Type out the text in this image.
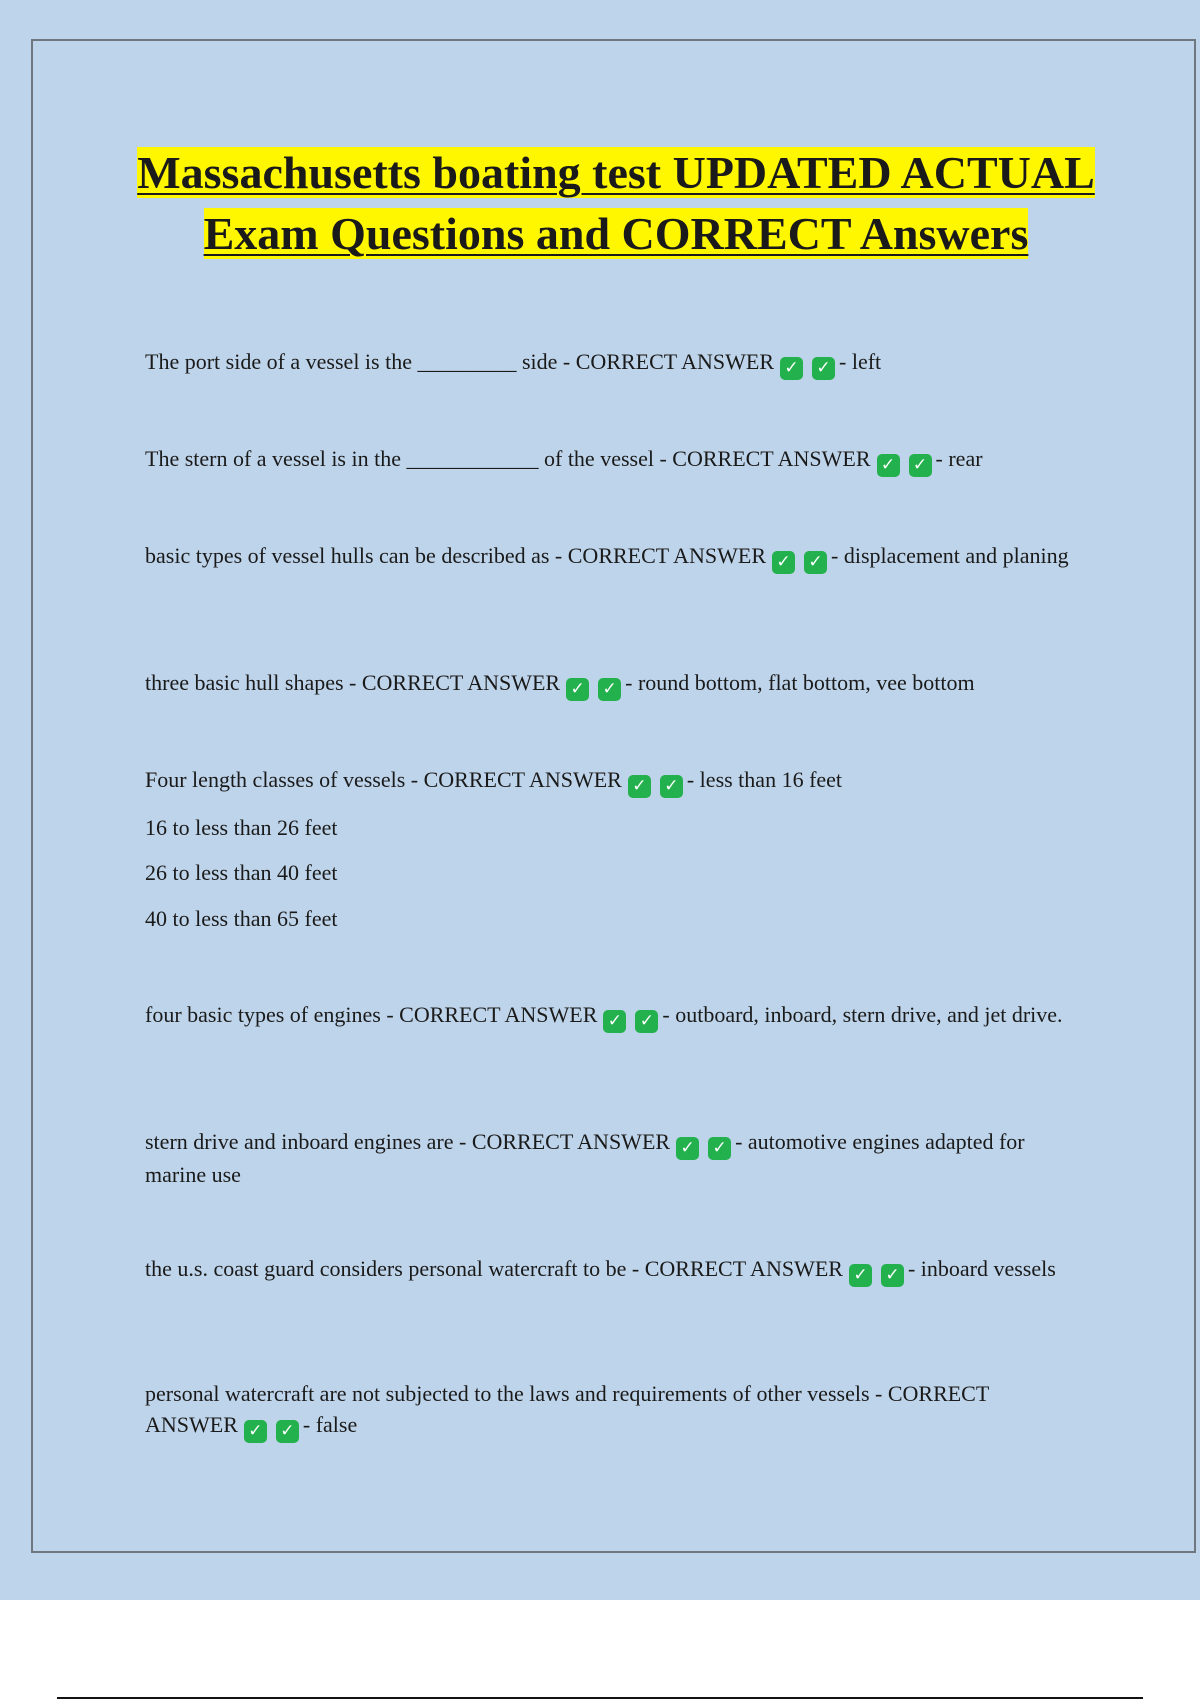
Massachusetts boating test UPDATED ACTUAL Exam Questions and CORRECT Answers

The port side of a vessel is the _________ side - CORRECT ANSWER ✓ ✓ - left

The stern of a vessel is in the ____________ of the vessel - CORRECT ANSWER ✓ ✓ - rear

basic types of vessel hulls can be described as - CORRECT ANSWER ✓ ✓ - displacement and planing

three basic hull shapes - CORRECT ANSWER ✓ ✓ - round bottom, flat bottom, vee bottom

Four length classes of vessels - CORRECT ANSWER ✓ ✓ - less than 16 feet

16 to less than 26 feet

26 to less than 40 feet

40 to less than 65 feet

four basic types of engines - CORRECT ANSWER ✓ ✓ - outboard, inboard, stern drive, and jet drive.

stern drive and inboard engines are - CORRECT ANSWER ✓ ✓ - automotive engines adapted for marine use

the u.s. coast guard considers personal watercraft to be - CORRECT ANSWER ✓ ✓ - inboard vessels

personal watercraft are not subjected to the laws and requirements of other vessels - CORRECT ANSWER ✓ ✓ - false
